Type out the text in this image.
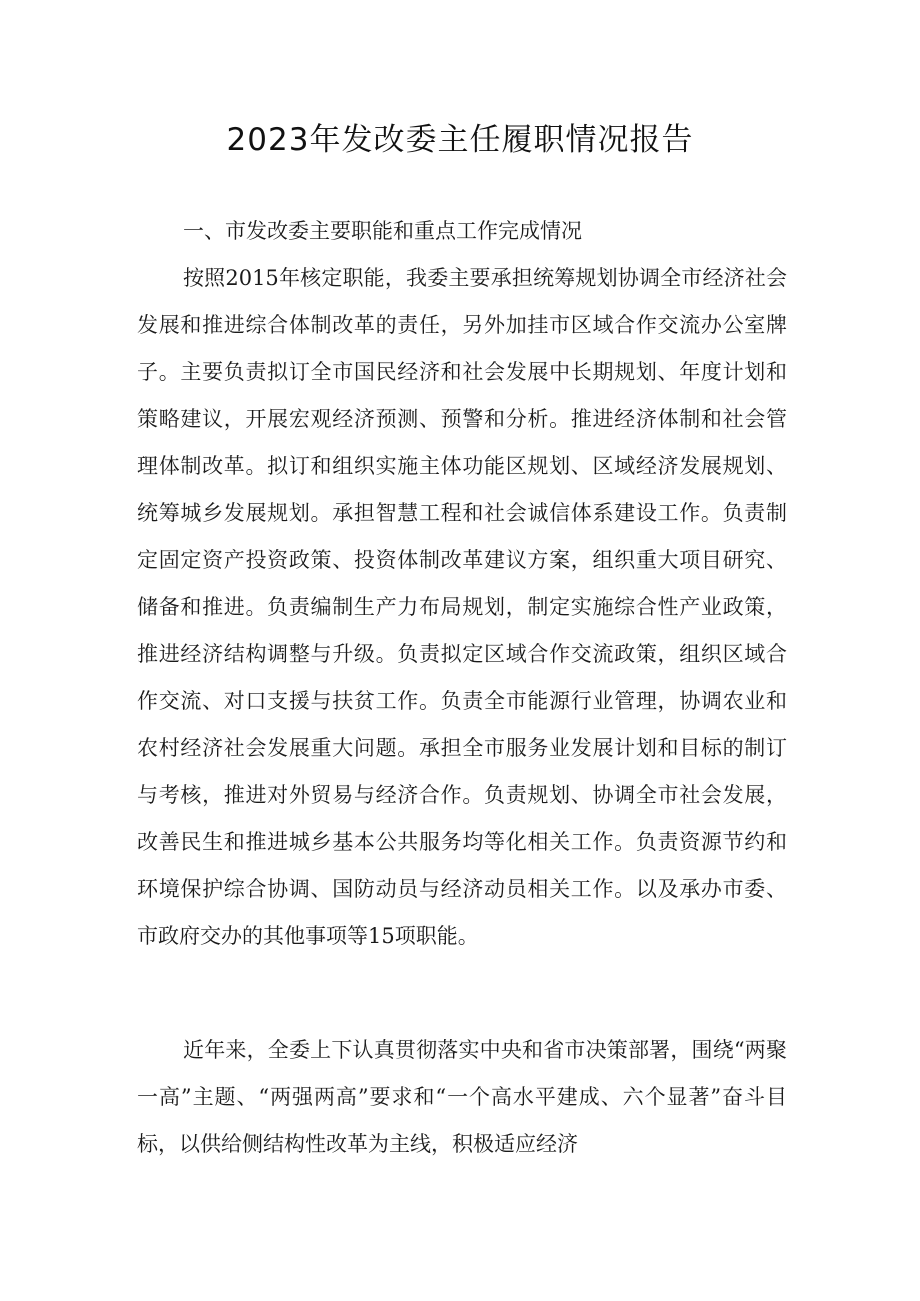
2023年发改委主任履职情况报告

一、市发改委主要职能和重点工作完成情况

按照2015年核定职能，我委主要承担统筹规划协调全市经济社会发展和推进综合体制改革的责任，另外加挂市区域合作交流办公室牌子。主要负责拟订全市国民经济和社会发展中长期规划、年度计划和策略建议，开展宏观经济预测、预警和分析。推进经济体制和社会管理体制改革。拟订和组织实施主体功能区规划、区域经济发展规划、统筹城乡发展规划。承担智慧工程和社会诚信体系建设工作。负责制定固定资产投资政策、投资体制改革建议方案，组织重大项目研究、储备和推进。负责编制生产力布局规划，制定实施综合性产业政策，推进经济结构调整与升级。负责拟定区域合作交流政策，组织区域合作交流、对口支援与扶贫工作。负责全市能源行业管理，协调农业和农村经济社会发展重大问题。承担全市服务业发展计划和目标的制订与考核，推进对外贸易与经济合作。负责规划、协调全市社会发展，改善民生和推进城乡基本公共服务均等化相关工作。负责资源节约和环境保护综合协调、国防动员与经济动员相关工作。以及承办市委、市政府交办的其他事项等15项职能。

近年来，全委上下认真贯彻落实中央和省市决策部署，围绕“两聚一高”主题、“两强两高”要求和“一个高水平建成、六个显著”奋斗目标，以供给侧结构性改革为主线，积极适应经济
